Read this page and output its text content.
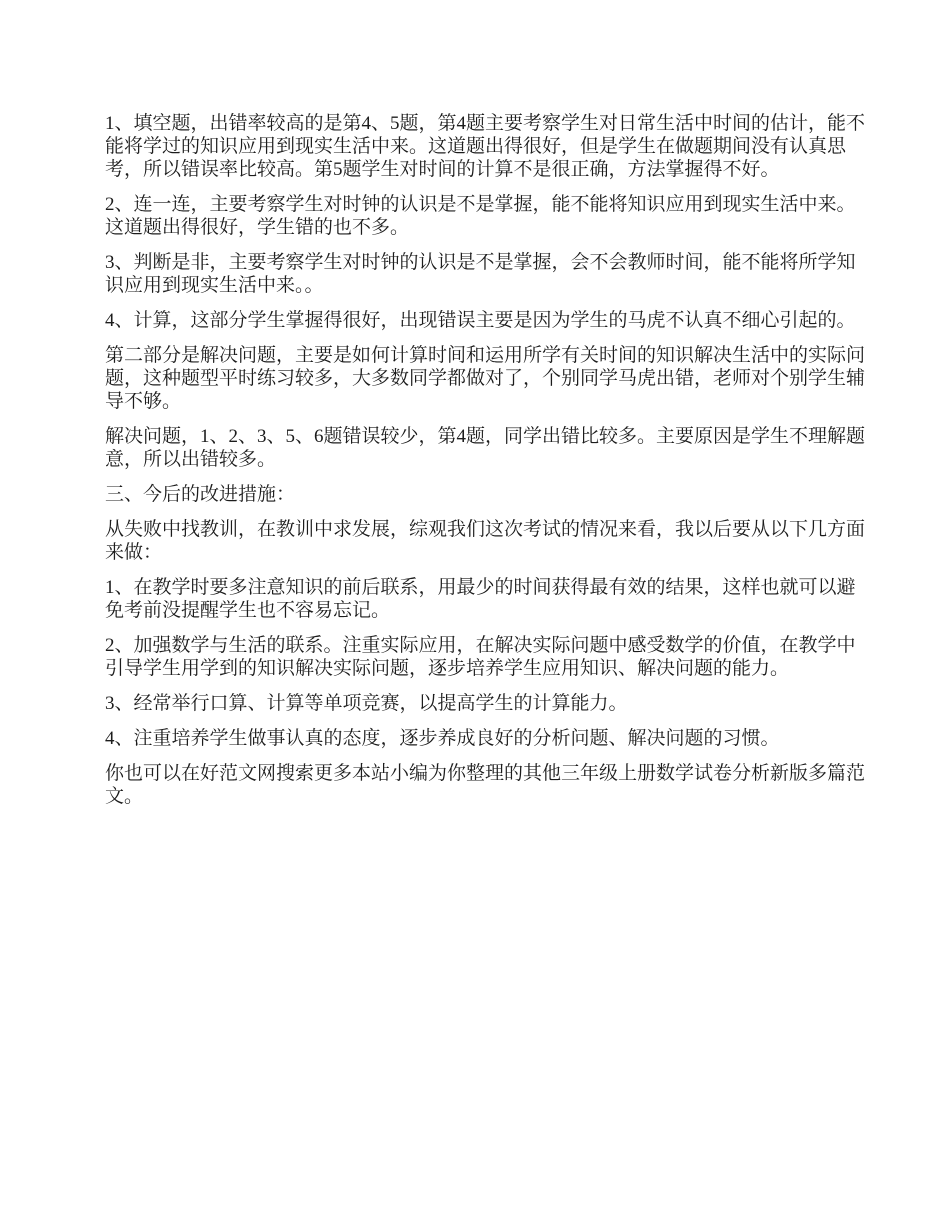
1、填空题，出错率较高的是第4、5题，第4题主要考察学生对日常生活中时间的估计，能不能将学过的知识应用到现实生活中来。这道题出得很好，但是学生在做题期间没有认真思考，所以错误率比较高。第5题学生对时间的计算不是很正确，方法掌握得不好。

2、连一连，主要考察学生对时钟的认识是不是掌握，能不能将知识应用到现实生活中来。这道题出得很好，学生错的也不多。

3、判断是非，主要考察学生对时钟的认识是不是掌握，会不会教师时间，能不能将所学知识应用到现实生活中来。。

4、计算，这部分学生掌握得很好，出现错误主要是因为学生的马虎不认真不细心引起的。

第二部分是解决问题，主要是如何计算时间和运用所学有关时间的知识解决生活中的实际问题，这种题型平时练习较多，大多数同学都做对了，个别同学马虎出错，老师对个别学生辅导不够。

解决问题，1、2、3、5、6题错误较少，第4题，同学出错比较多。主要原因是学生不理解题意，所以出错较多。

三、今后的改进措施：

从失败中找教训，在教训中求发展，综观我们这次考试的情况来看，我以后要从以下几方面来做：

1、在教学时要多注意知识的前后联系，用最少的时间获得最有效的结果，这样也就可以避免考前没提醒学生也不容易忘记。

2、加强数学与生活的联系。注重实际应用，在解决实际问题中感受数学的价值，在教学中引导学生用学到的知识解决实际问题，逐步培养学生应用知识、解决问题的能力。

3、经常举行口算、计算等单项竞赛，以提高学生的计算能力。

4、注重培养学生做事认真的态度，逐步养成良好的分析问题、解决问题的习惯。

你也可以在好范文网搜索更多本站小编为你整理的其他三年级上册数学试卷分析新版多篇范文。
